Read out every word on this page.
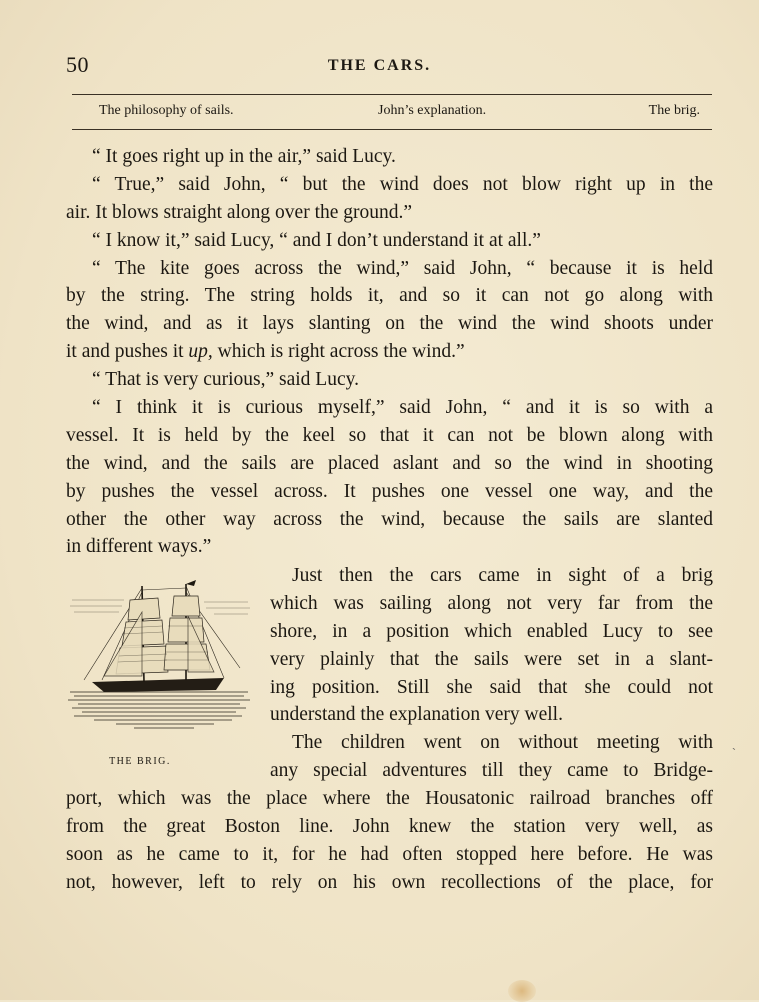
50	THE CARS.
The philosophy of sails.	John’s explanation.	The brig.
“ It goes right up in the air,” said Lucy.
“ True,” said John, “ but the wind does not blow right up in the
air. It blows straight along over the ground.”
“ I know it,” said Lucy, “ and I don’t understand it at all.”
“ The kite goes across the wind,” said John, “ because it is held
by the string. The string holds it, and so it can not go along with
the wind, and as it lays slanting on the wind the wind shoots under
it and pushes it up, which is right across the wind.”
“ That is very curious,” said Lucy.
“ I think it is curious myself,” said John, “ and it is so with a
vessel. It is held by the keel so that it can not be blown along with
the wind, and the sails are placed aslant and so the wind in shooting
by pushes the vessel across. It pushes one vessel one way, and the
other the other way across the wind, because the sails are slanted
in different ways.”
THE BRIG.
Just then the cars came in sight of a brig
which was sailing along not very far from the
shore, in a position which enabled Lucy to see
very plainly that the sails were set in a slant-
ing position. Still she said that she could not
understand the explanation very well.
The children went on without meeting with
any special adventures till they came to Bridge-
port, which was the place where the Housatonic railroad branches off
from the great Boston line. John knew the station very well, as
soon as he came to it, for he had often stopped here before. He was
not, however, left to rely on his own recollections of the place, for
˴
